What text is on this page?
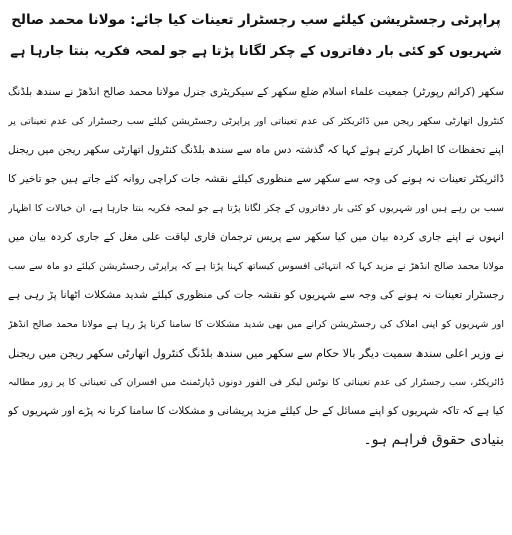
پراپرٹی رجسٹریشن کیلئے سب رجسٹرار تعینات کیا جائے: مولانا محمد صالح
شہریوں کو کئی بار دفاتروں کے چکر لگانا پڑتا ہے جو لمحہ فکریہ بنتا جارہا ہے
سکھر (کرائم رپورٹر) جمعیت علماء اسلام ضلع سکھر کے سیکریٹری جنرل مولانا محمد صالح انڈھڑ نے سندھ بلڈنگ
کنٹرول اتھارٹی سکھر ریجن میں ڈائریکٹر کی عدم تعیناتی اور پراپرٹی رجسٹریشن کیلئے سب رجسٹرار کی عدم تعیناتی پر
اپنے تحفظات کا اظہار کرتے ہوئے کہا کہ گذشتہ دس ماہ سے سندھ بلڈنگ کنٹرول اتھارٹی سکھر ریجن میں ریجنل
ڈائریکٹر تعینات نہ ہونے کی وجہ سے سکھر سے منظوری کیلئے نقشہ جات کراچی روانہ کئے جاتے ہیں جو تاخیر کا
سبب بن رہے ہیں اور شہریوں کو کئی بار دفاتروں کے چکر لگانا پڑتا ہے جو لمحہ فکریہ بنتا جارہا ہے، ان خیالات کا اظہار
انہوں نے اپنے جاری کردہ بیان میں کیا سکھر سے پریس ترجمان قاری لیاقت علی مغل کے جاری کردہ بیان میں
مولانا محمد صالح انڈھڑ نے مزید کہا کہ انتہائی افسوس کیساتھ کہنا پڑتا ہے کہ پراپرٹی رجسٹریشن کیلئے دو ماہ سے سب
رجسٹرار تعینات نہ ہونے کی وجہ سے شہریوں کو نقشہ جات کی منظوری کیلئے شدید مشکلات اٹھانا پڑ رہی ہے
اور شہریوں کو اپنی املاک کی رجسٹریشن کرانے میں بھی شدید مشکلات کا سامنا کرنا پڑ رہا ہے مولانا محمد صالح انڈھڑ
نے وزیر اعلی سندھ سمیت دیگر بالا حکام سے سکھر میں سندھ بلڈنگ کنٹرول اتھارٹی سکھر ریجن میں ریجنل
ڈائریکٹر، سب رجسٹرار کی عدم تعیناتی کا نوٹس لیکر فی الفور دونوں ڈپارٹمنٹ میں افسران کی تعیناتی کا پر زور مطالبہ
کیا ہے کہ تاکہ شہریوں کو اپنے مسائل کے حل کیلئے مزید پریشانی و مشکلات کا سامنا کرنا نہ پڑے اور شہریوں کو
بنیادی حقوق فراہم ہو۔
